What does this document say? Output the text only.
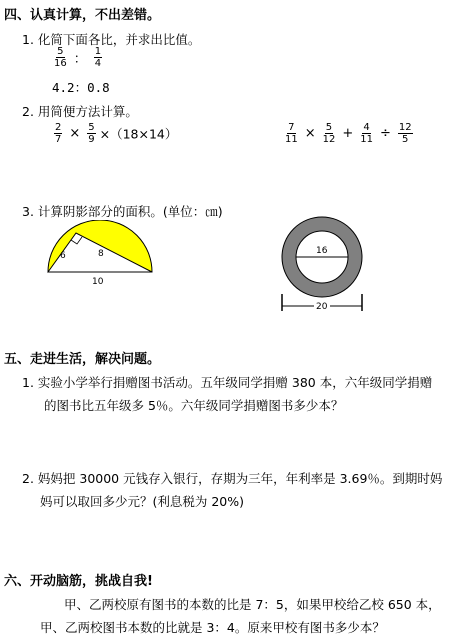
四、认真计算，不出差错。
1. 化简下面各比，并求出比值。
$\frac{5}{16}$ ： $\frac{1}{4}$
4.2：0.8
2. 用简便方法计算。
$\frac{2}{7} \times \frac{5}{9} \times(18\times 14)$	$\frac{7}{11} \times \frac{5}{12} + \frac{4}{11} \div \frac{12}{5}$
3. 计算阴影部分的面积。(单位：㎝)
6	8
10
16
20
五、走进生活，解决问题。
1. 实验小学举行捐赠图书活动。五年级同学捐赠 380 本，六年级同学捐赠
的图书比五年级多 5％。六年级同学捐赠图书多少本？
2. 妈妈把 30000 元钱存入银行，存期为三年，年利率是 3.69％。到期时妈
妈可以取回多少元？(利息税为 20%)
六、开动脑筋，挑战自我!
甲、乙两校原有图书的本数的比是 7：5，如果甲校给乙校 650 本，
甲、乙两校图书本数的比就是 3：4。原来甲校有图书多少本？
